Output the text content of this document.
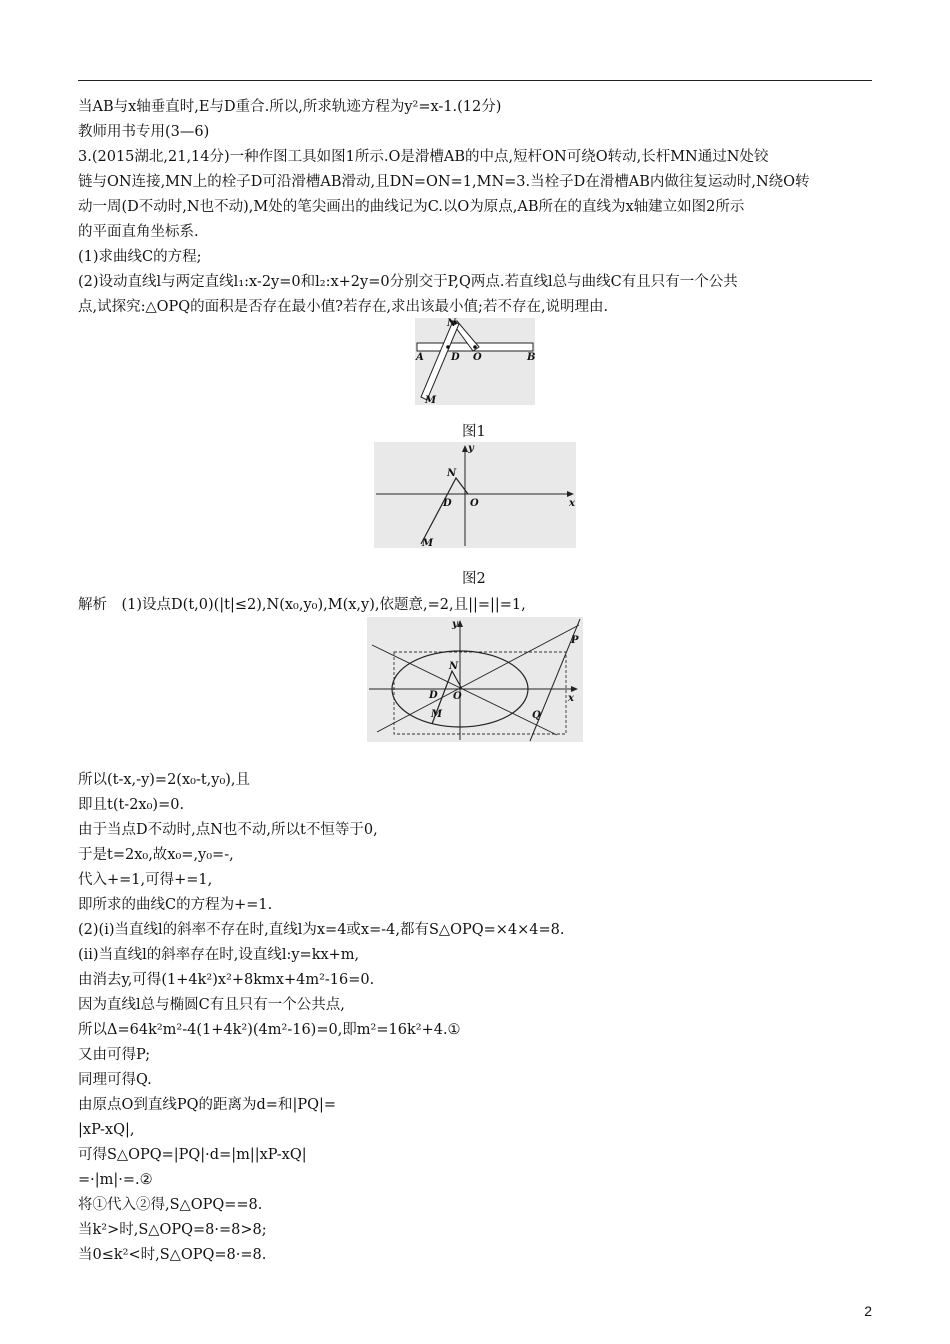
当AB与x轴垂直时,E与D重合.所以,所求轨迹方程为y²=x-1.(12分)
教师用书专用(3—6)
3.(2015湖北,21,14分)一种作图工具如图1所示.O是滑槽AB的中点,短杆ON可绕O转动,长杆MN通过N处铰
链与ON连接,MN上的栓子D可沿滑槽AB滑动,且DN=ON=1,MN=3.当栓子D在滑槽AB内做往复运动时,N绕O转
动一周(D不动时,N也不动),M处的笔尖画出的曲线记为C.以O为原点,AB所在的直线为x轴建立如图2所示
的平面直角坐标系.
(1)求曲线C的方程;
(2)设动直线l与两定直线l₁:x-2y=0和l₂:x+2y=0分别交于P,Q两点.若直线l总与曲线C有且只有一个公共
点,试探究:△OPQ的面积是否存在最小值?若存在,求出该最小值;若不存在,说明理由.
N
A	D O	B
M
图1
y
N
D O	x
M
图2
解析　(1)设点D(t,0)(|t|≤2),N(x₀,y₀),M(x,y),依题意,=2,且||=||=1,
y
P
N
D O
M	Q
x
所以(t-x,-y)=2(x₀-t,y₀),且
即且t(t-2x₀)=0.
由于当点D不动时,点N也不动,所以t不恒等于0,
于是t=2x₀,故x₀=,y₀=-,
代入+=1,可得+=1,
即所求的曲线C的方程为+=1.
(2)(i)当直线l的斜率不存在时,直线l为x=4或x=-4,都有S△OPQ=×4×4=8.
(ii)当直线l的斜率存在时,设直线l:y=kx+m,
由消去y,可得(1+4k²)x²+8kmx+4m²-16=0.
因为直线l总与椭圆C有且只有一个公共点,
所以Δ=64k²m²-4(1+4k²)(4m²-16)=0,即m²=16k²+4.①
又由可得P;
同理可得Q.
由原点O到直线PQ的距离为d=和|PQ|=
|xP-xQ|,
可得S△OPQ=|PQ|·d=|m||xP-xQ|
=·|m|·=.②
将①代入②得,S△OPQ==8.
当k²>时,S△OPQ=8·=8>8;
当0≤k²<时,S△OPQ=8·=8.
2
